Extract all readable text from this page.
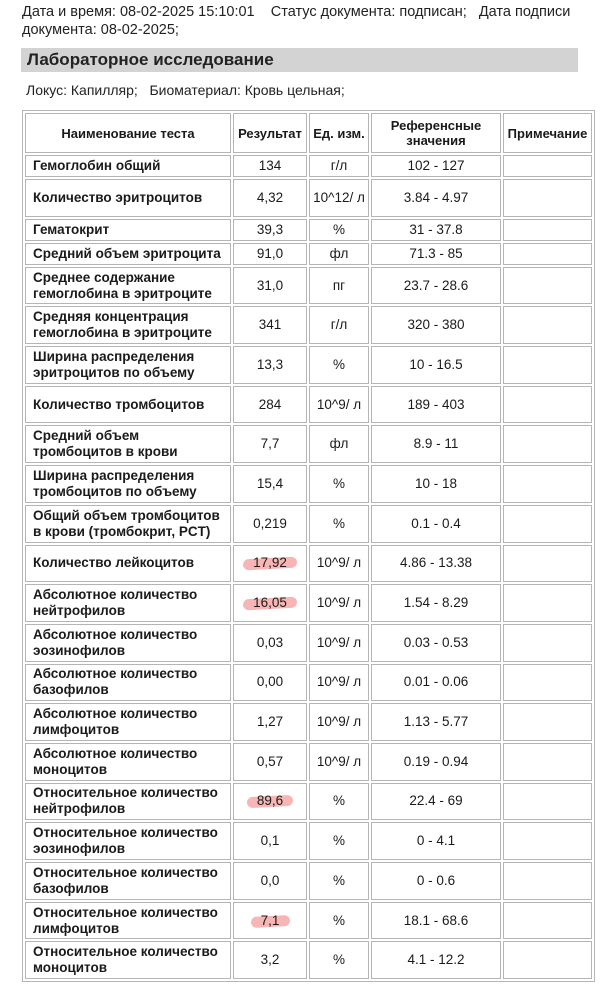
Дата и время: 08-02-2025 15:10:01 Статус документа: подписан; Дата подписи документа: 08-02-2025;
Лабораторное исследование
Локус: Капилляр;   Биоматериал: Кровь цельная;
Наименование теста	Результат	Ед. изм.	Референсные значения	Примечание
Гемоглобин общий	134	г/л	102 - 127	
Количество эритроцитов	4,32	10^12/ л	3.84 - 4.97	
Гематокрит	39,3	%	31 - 37.8	
Средний объем эритроцита	91,0	фл	71.3 - 85	
Среднее содержание гемоглобина в эритроците	31,0	пг	23.7 - 28.6	
Средняя концентрация гемоглобина в эритроците	341	г/л	320 - 380	
Ширина распределения эритроцитов по объему	13,3	%	10 - 16.5	
Количество тромбоцитов	284	10^9/ л	189 - 403	
Средний объем тромбоцитов в крови	7,7	фл	8.9 - 11	
Ширина распределения тромбоцитов по объему	15,4	%	10 - 18	
Общий объем тромбоцитов в крови (тромбокрит, PCT)	0,219	%	0.1 - 0.4	
Количество лейкоцитов	17,92	10^9/ л	4.86 - 13.38	
Абсолютное количество нейтрофилов	16,05	10^9/ л	1.54 - 8.29	
Абсолютное количество эозинофилов	0,03	10^9/ л	0.03 - 0.53	
Абсолютное количество базофилов	0,00	10^9/ л	0.01 - 0.06	
Абсолютное количество лимфоцитов	1,27	10^9/ л	1.13 - 5.77	
Абсолютное количество моноцитов	0,57	10^9/ л	0.19 - 0.94	
Относительное количество нейтрофилов	89,6	%	22.4 - 69	
Относительное количество эозинофилов	0,1	%	0 - 4.1	
Относительное количество базофилов	0,0	%	0 - 0.6	
Относительное количество лимфоцитов	7,1	%	18.1 - 68.6	
Относительное количество моноцитов	3,2	%	4.1 - 12.2	
